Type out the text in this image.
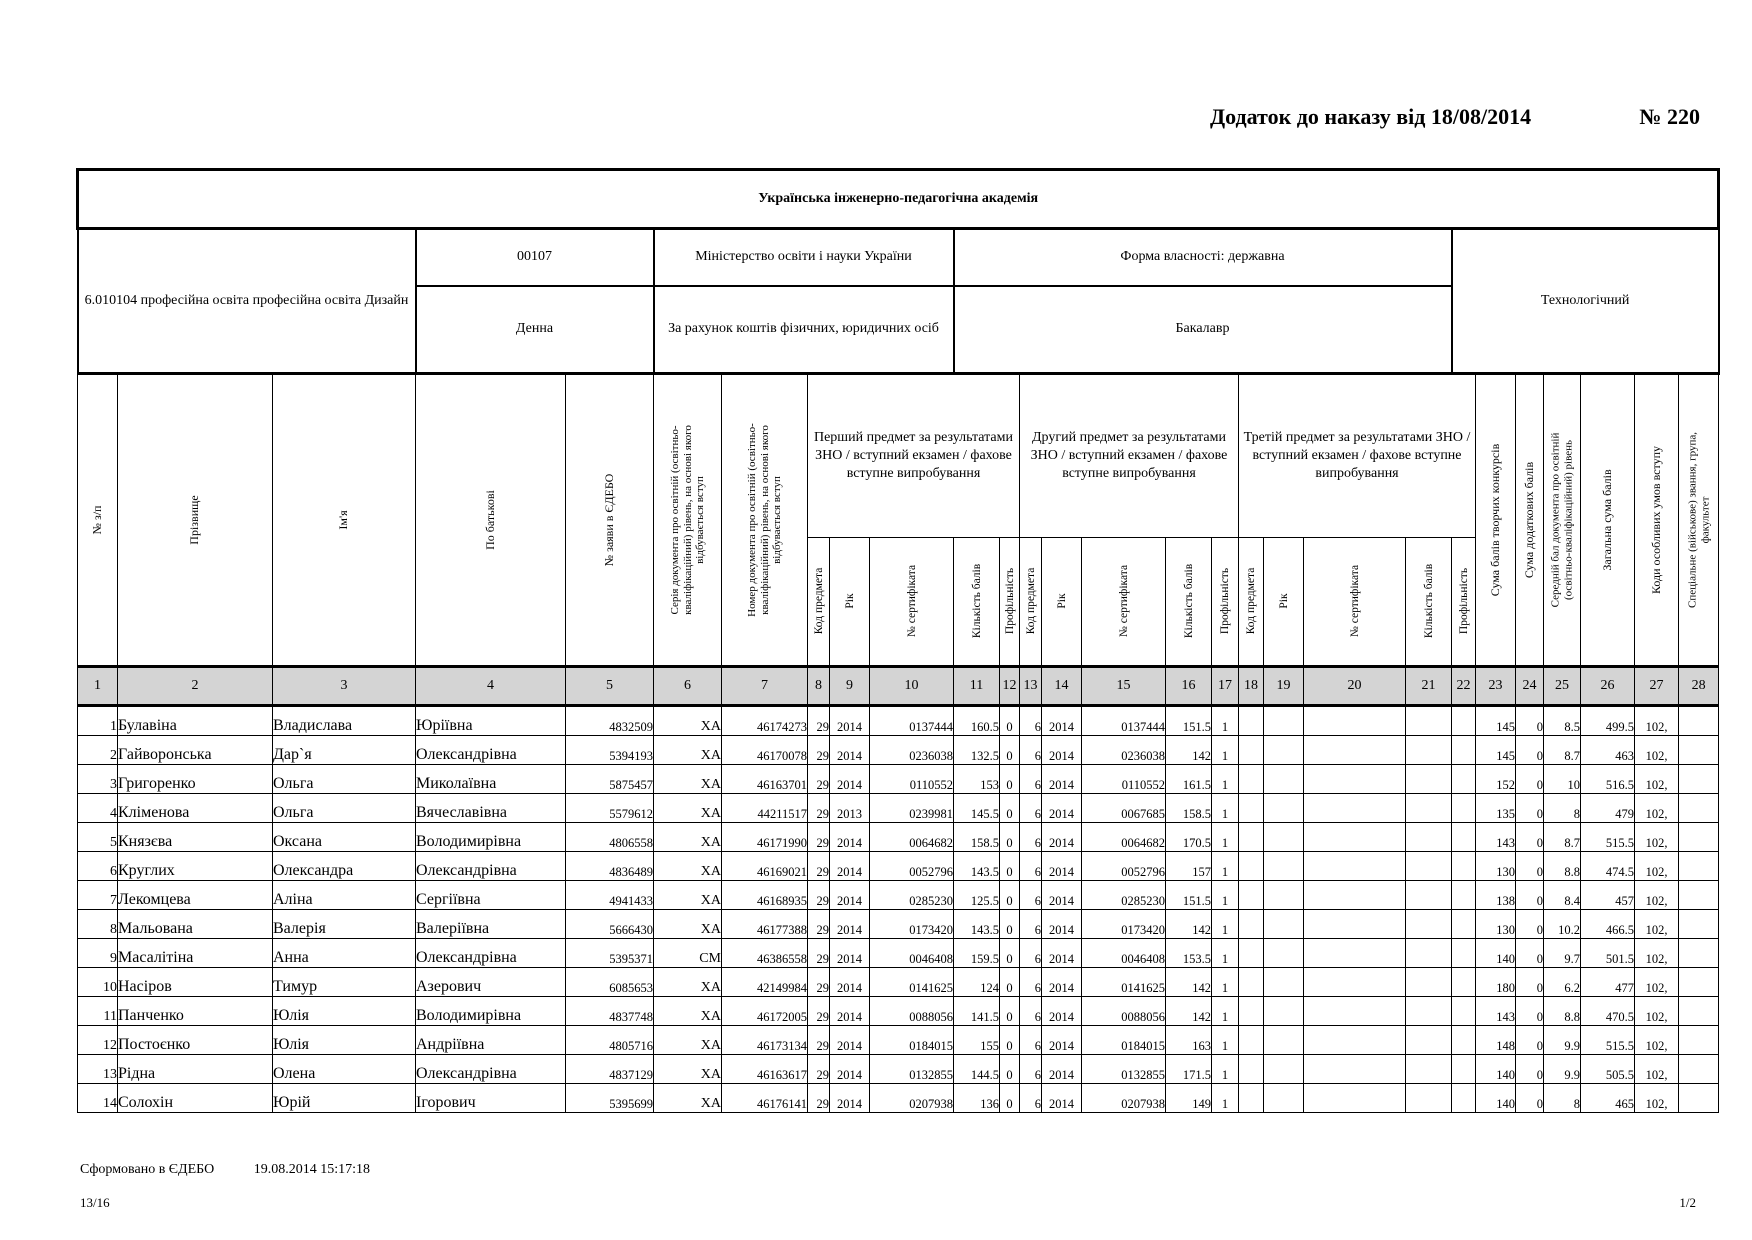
Додаток до наказу від 18/08/2014	№ 220
Українська інженерно-педагогічна академія																											
6.010104 професійна освіта професійна освіта Дизайн			00107		Міністерство освіти і науки України					Форма власності: державна											Технологічний						
			Денна		За рахунок коштів фізичних, юридичних осіб					Бакалавр																	

№ з/п	Прізвище	Ім'я	По батькові	№ заяви в ЄДЕБО	Серія документа про освітній (освітньо-кваліфікаційний) рівень, на основі якого відбувається вступ	Номер документа про освітній (освітньо-кваліфікаційний) рівень, на основі якого відбувається вступ	Перший предмет за результатами ЗНО / вступний екзамен / фахове вступне випробування					Другий предмет за результатами ЗНО / вступний екзамен / фахове вступне випробування					Третій предмет за результатами ЗНО / вступний екзамен / фахове вступне випробування					Сума балів творчих конкурсів	Сума додаткових балів	Середній бал документа про освітній (освітньо-кваліфікаційний) рівень	Загальна сума балів	Коди особливих умов вступу	Спеціальне (військове) звання, група, факультет

							Код предмета	Рік	№ сертифіката	Кількість балів	Профільність	Код предмета	Рік	№ сертифіката	Кількість балів	Профільність	Код предмета	Рік	№ сертифіката	Кількість балів	Профільність						

1	2	3	4	5	6	7	8	9	10	11	12	13	14	15	16	17	18	19	20	21	22	23	24	25	26	27	28
1	Булавіна	Владислава	Юріївна	4832509	ХА	46174273	29	2014	0137444	160.5	0	6	2014	0137444	151.5	1						145	0	8.5	499.5	102,	
2	Гайворонська	Дар`я	Олександрівна	5394193	ХА	46170078	29	2014	0236038	132.5	0	6	2014	0236038	142	1						145	0	8.7	463	102,	
3	Григоренко	Ольга	Миколаївна	5875457	ХА	46163701	29	2014	0110552	153	0	6	2014	0110552	161.5	1						152	0	10	516.5	102,	
4	Кліменова	Ольга	Вячеславівна	5579612	ХА	44211517	29	2013	0239981	145.5	0	6	2014	0067685	158.5	1						135	0	8	479	102,	
5	Князєва	Оксана	Володимирівна	4806558	ХА	46171990	29	2014	0064682	158.5	0	6	2014	0064682	170.5	1						143	0	8.7	515.5	102,	
6	Круглих	Олександра	Олександрівна	4836489	ХА	46169021	29	2014	0052796	143.5	0	6	2014	0052796	157	1						130	0	8.8	474.5	102,	
7	Лекомцева	Аліна	Сергіївна	4941433	ХА	46168935	29	2014	0285230	125.5	0	6	2014	0285230	151.5	1						138	0	8.4	457	102,	
8	Мальована	Валерія	Валеріївна	5666430	ХА	46177388	29	2014	0173420	143.5	0	6	2014	0173420	142	1						130	0	10.2	466.5	102,	
9	Масалітіна	Анна	Олександрівна	5395371	СМ	46386558	29	2014	0046408	159.5	0	6	2014	0046408	153.5	1						140	0	9.7	501.5	102,	
10	Насіров	Тимур	Азерович	6085653	ХА	42149984	29	2014	0141625	124	0	6	2014	0141625	142	1						180	0	6.2	477	102,	
11	Панченко	Юлія	Володимирівна	4837748	ХА	46172005	29	2014	0088056	141.5	0	6	2014	0088056	142	1						143	0	8.8	470.5	102,	
12	Постоєнко	Юлія	Андріївна	4805716	ХА	46173134	29	2014	0184015	155	0	6	2014	0184015	163	1						148	0	9.9	515.5	102,	
13	Рідна	Олена	Олександрівна	4837129	ХА	46163617	29	2014	0132855	144.5	0	6	2014	0132855	171.5	1						140	0	9.9	505.5	102,	
14	Солохін	Юрій	Ігорович	5395699	ХА	46176141	29	2014	0207938	136	0	6	2014	0207938	149	1						140	0	8	465	102,	
Сформовано в ЄДЕБО	19.08.2014 15:17:18
13/16	1/2
